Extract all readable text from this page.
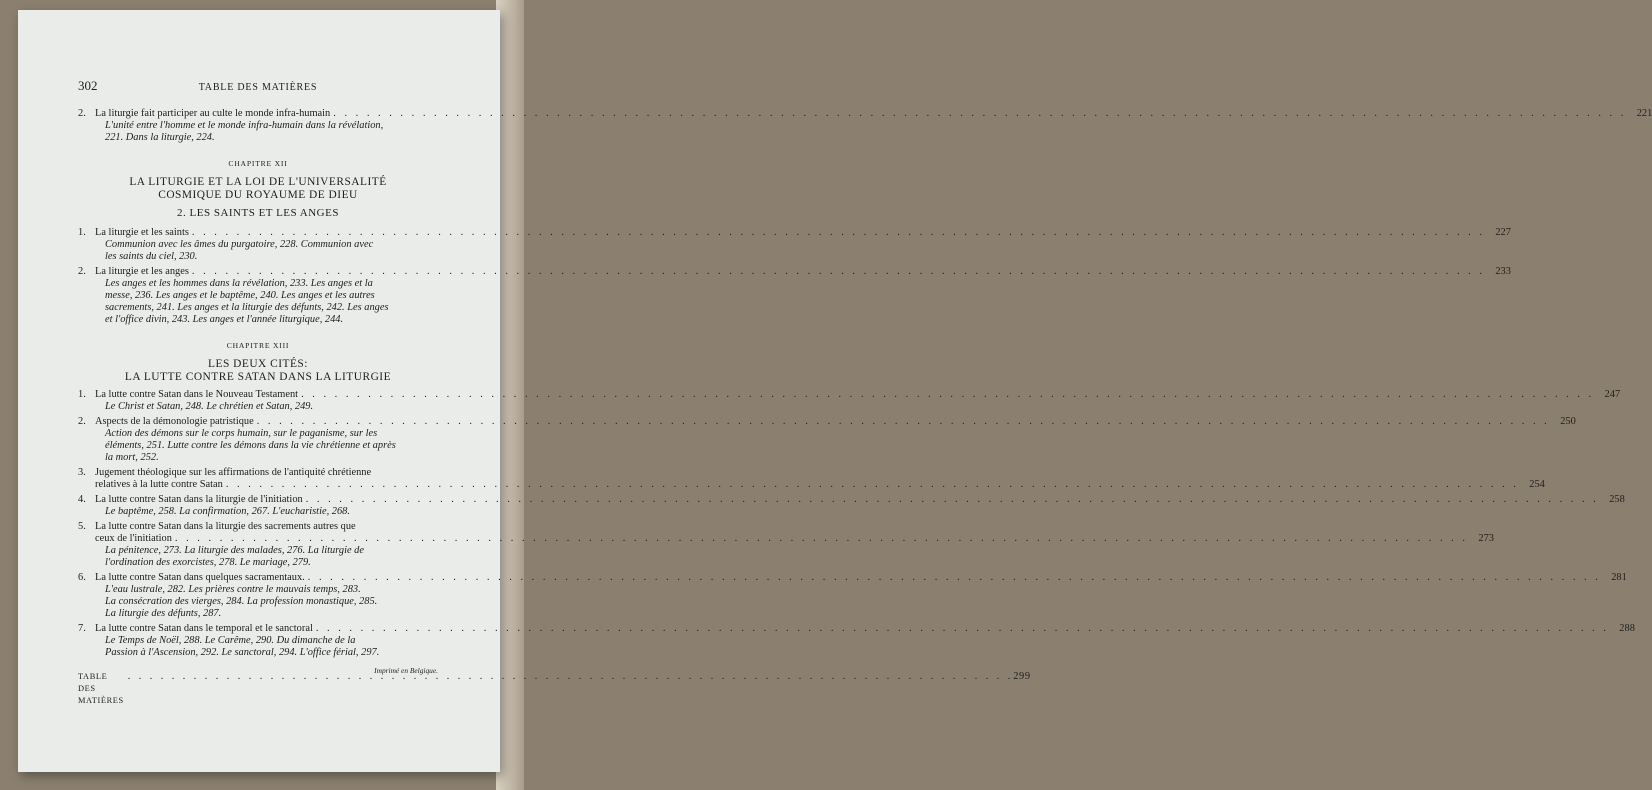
302	TABLE DES MATIÈRES
2. La liturgie fait participer au culte le monde infra-humain
. . .
L'unité entre l'homme et le monde infra-humain dans la révélation,
221. Dans la liturgie, 224.
221
CHAPITRE XII
LA LITURGIE ET LA LOI DE L'UNIVERSALITÉ
COSMIQUE DU ROYAUME DE DIEU
2. LES SAINTS ET LES ANGES
1. La liturgie et les saints
. . .
Communion avec les âmes du purgatoire, 228. Communion avec
les saints du ciel, 230.
227
2. La liturgie et les anges
. . .
Les anges et les hommes dans la révélation, 233. Les anges et la
messe, 236. Les anges et le baptême, 240. Les anges et les autres
sacrements, 241. Les anges et la liturgie des défunts, 242. Les anges
et l'office divin, 243. Les anges et l'année liturgique, 244.
233
CHAPITRE XIII
LES DEUX CITÉS:
LA LUTTE CONTRE SATAN DANS LA LITURGIE
1. La lutte contre Satan dans le Nouveau Testament
. . .
Le Christ et Satan, 248. Le chrétien et Satan, 249.
247
2. Aspects de la démonologie patristique
. . .
Action des démons sur le corps humain, sur le paganisme, sur les
éléments, 251. Lutte contre les démons dans la vie chrétienne et après
la mort, 252.
250
3. Jugement théologique sur les affirmations de l'antiquité chrétienne
relatives à la lutte contre Satan
. . .	254
4. La lutte contre Satan dans la liturgie de l'initiation
. . .
Le baptême, 258. La confirmation, 267. L'eucharistie, 268.
258
5. La lutte contre Satan dans la liturgie des sacrements autres que
ceux de l'initiation
. . .
La pénitence, 273. La liturgie des malades, 276. La liturgie de
l'ordination des exorcistes, 278. Le mariage, 279.
273
6. La lutte contre Satan dans quelques sacramentaux.
. . .
L'eau lustrale, 282. Les prières contre le mauvais temps, 283.
La consécration des vierges, 284. La profession monastique, 285.
La liturgie des défunts, 287.
281
7. La lutte contre Satan dans le temporal et le sanctoral
. . .
Le Temps de Noël, 288. Le Carême, 290. Du dimanche de la
Passion à l'Ascension, 292. Le sanctoral, 294. L'office férial, 297.
288
TABLE DES MATIÈRES
. . .
299
Imprimé en Belgique.
